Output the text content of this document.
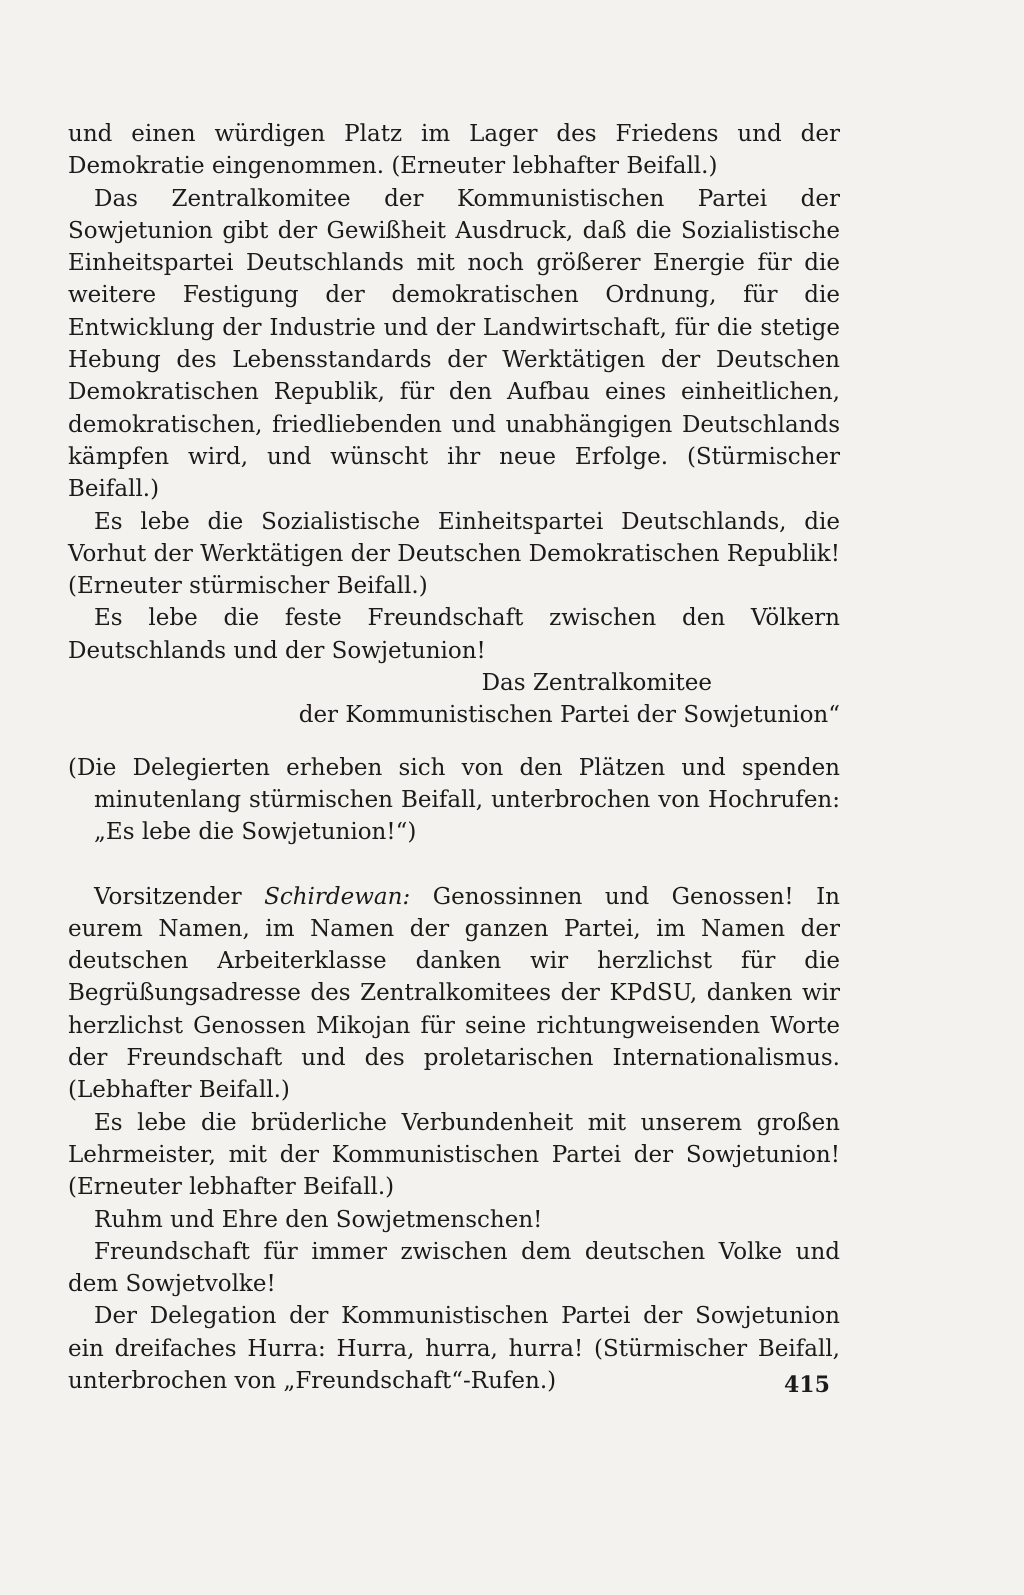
und einen würdigen Platz im Lager des Friedens und der Demokratie eingenommen. (Erneuter lebhafter Beifall.)

Das Zentralkomitee der Kommunistischen Partei der Sowjetunion gibt der Gewißheit Ausdruck, daß die Sozialistische Einheitspartei Deutschlands mit noch größerer Energie für die weitere Festigung der demokratischen Ordnung, für die Entwicklung der Industrie und der Landwirtschaft, für die stetige Hebung des Lebensstandards der Werktätigen der Deutschen Demokratischen Republik, für den Aufbau eines einheitlichen, demokratischen, friedliebenden und unabhängigen Deutschlands kämpfen wird, und wünscht ihr neue Erfolge. (Stürmischer Beifall.)

Es lebe die Sozialistische Einheitspartei Deutschlands, die Vorhut der Werktätigen der Deutschen Demokratischen Republik! (Erneuter stürmischer Beifall.)

Es lebe die feste Freundschaft zwischen den Völkern Deutschlands und der Sowjetunion!

Das Zentralkomitee

der Kommunistischen Partei der Sowjetunion“

(Die Delegierten erheben sich von den Plätzen und spenden minutenlang stürmischen Beifall, unterbrochen von Hochrufen: „Es lebe die Sowjetunion!“)

Vorsitzender Schirdewan: Genossinnen und Genossen! In eurem Namen, im Namen der ganzen Partei, im Namen der deutschen Arbeiterklasse danken wir herzlichst für die Begrüßungsadresse des Zentralkomitees der KPdSU, danken wir herzlichst Genossen Mikojan für seine richtungweisenden Worte der Freundschaft und des proletarischen Internationalismus. (Lebhafter Beifall.)

Es lebe die brüderliche Verbundenheit mit unserem großen Lehrmeister, mit der Kommunistischen Partei der Sowjetunion! (Erneuter lebhafter Beifall.)

Ruhm und Ehre den Sowjetmenschen!

Freundschaft für immer zwischen dem deutschen Volke und dem Sowjetvolke!

Der Delegation der Kommunistischen Partei der Sowjetunion ein dreifaches Hurra: Hurra, hurra, hurra! (Stürmischer Beifall, unterbrochen von „Freundschaft“-Rufen.)	415
